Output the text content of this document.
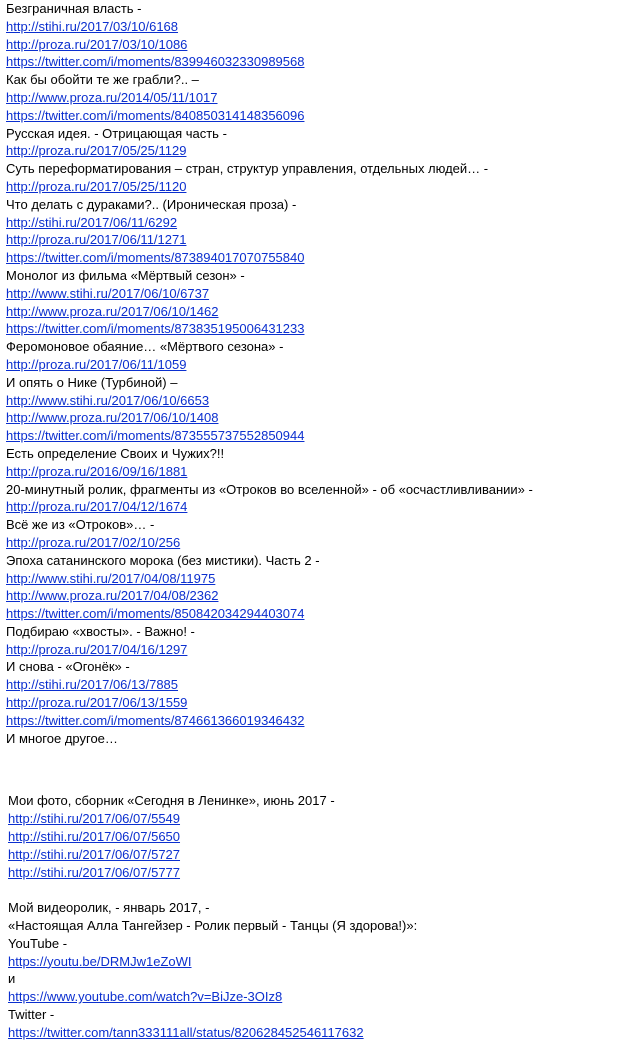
Безграничная власть -
http://stihi.ru/2017/03/10/6168
http://proza.ru/2017/03/10/1086
https://twitter.com/i/moments/839946032330989568
Как бы обойти те же грабли?.. –
http://www.proza.ru/2014/05/11/1017
https://twitter.com/i/moments/840850314148356096
Русская идея. - Отрицающая часть -
http://proza.ru/2017/05/25/1129
Суть переформатирования – стран, структур управления, отдельных людей… -
http://proza.ru/2017/05/25/1120
Что делать с дураками?.. (Ироническая проза) -
http://stihi.ru/2017/06/11/6292
http://proza.ru/2017/06/11/1271
https://twitter.com/i/moments/873894017070755840
Монолог из фильма «Мёртвый сезон» -
http://www.stihi.ru/2017/06/10/6737
http://www.proza.ru/2017/06/10/1462
https://twitter.com/i/moments/873835195006431233
Феромоновое обаяние… «Мёртвого сезона» -
http://proza.ru/2017/06/11/1059
И опять о Нике (Турбиной) –
http://www.stihi.ru/2017/06/10/6653
http://www.proza.ru/2017/06/10/1408
https://twitter.com/i/moments/873555737552850944
Есть определение Своих и Чужих?!!
http://proza.ru/2016/09/16/1881
20-минутный ролик, фрагменты из «Отроков во вселенной» - об «осчастливливании» -
http://proza.ru/2017/04/12/1674
Всё же из «Отроков»… -
http://proza.ru/2017/02/10/256
Эпоха сатанинского морока (без мистики). Часть 2 -
http://www.stihi.ru/2017/04/08/11975
http://www.proza.ru/2017/04/08/2362
https://twitter.com/i/moments/850842034294403074
Подбираю «хвосты». - Важно! -
http://proza.ru/2017/04/16/1297
И снова - «Огонёк» -
http://stihi.ru/2017/06/13/7885
http://proza.ru/2017/06/13/1559
https://twitter.com/i/moments/874661366019346432
И многое другое…
Мои фото, сборник «Сегодня в Ленинке», июнь 2017 -
http://stihi.ru/2017/06/07/5549
http://stihi.ru/2017/06/07/5650
http://stihi.ru/2017/06/07/5727
http://stihi.ru/2017/06/07/5777
Мой видеоролик, - январь 2017, -
«Настоящая Алла Тангейзер - Ролик первый - Танцы (Я здорова!)»:
YouTube -
https://youtu.be/DRMJw1eZoWI
и
https://www.youtube.com/watch?v=BiJze-3OIz8
Twitter -
https://twitter.com/tann333111all/status/820628452546117632
